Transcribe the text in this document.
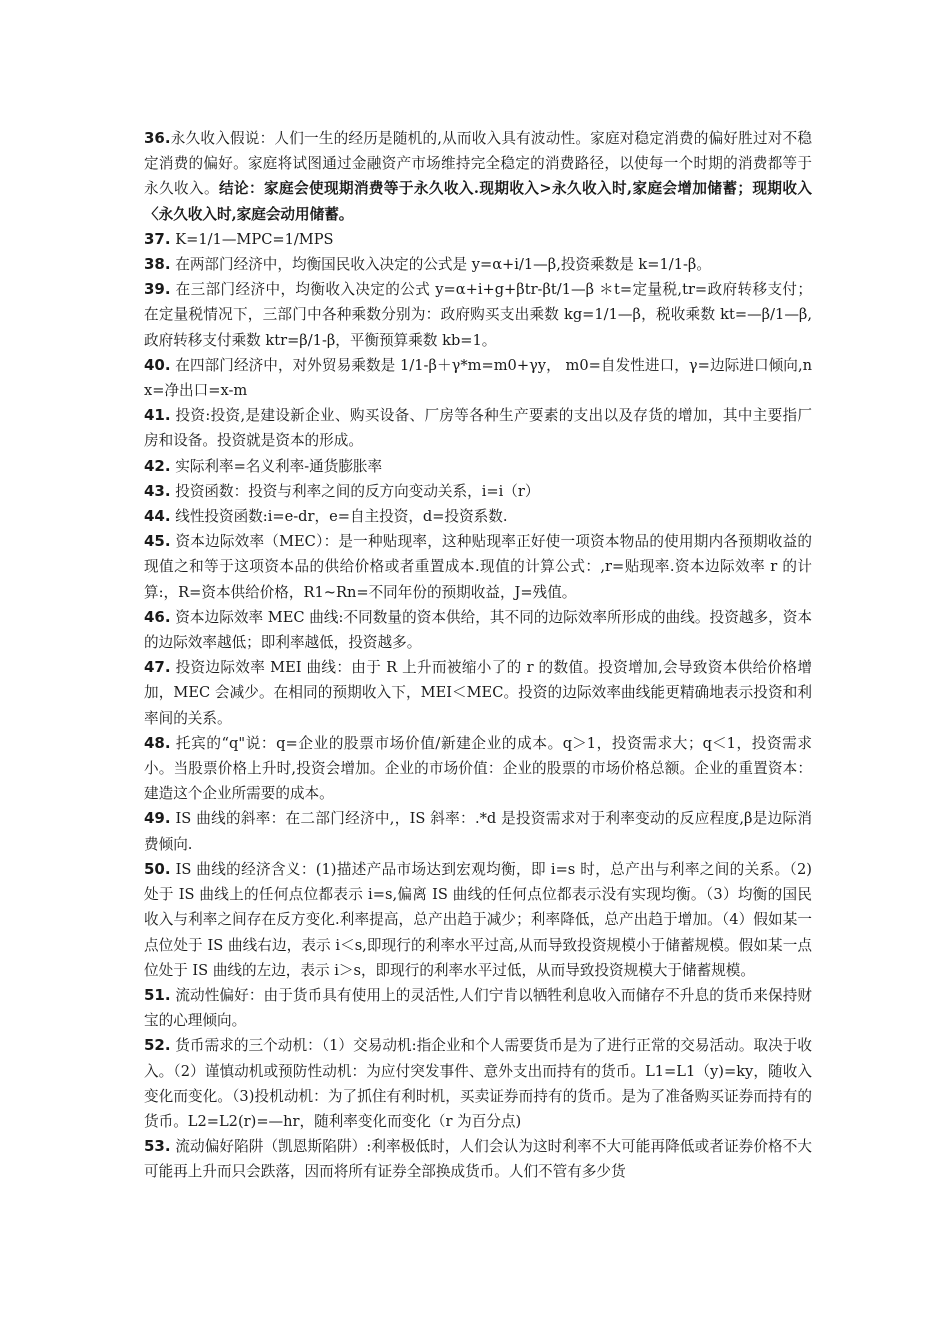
36.永久收入假说：人们一生的经历是随机的,从而收入具有波动性。家庭对稳定消费的偏好胜过对不稳定消费的偏好。家庭将试图通过金融资产市场维持完全稳定的消费路径，以使每一个时期的消费都等于永久收入。结论：家庭会使现期消费等于永久收入.现期收入>永久收入时,家庭会增加储蓄；现期收入〈永久收入时,家庭会动用储蓄。

37. K=1/1—MPC=1/MPS

38. 在两部门经济中，均衡国民收入决定的公式是 y=α+i/1—β,投资乘数是 k=1/1-β。

39. 在三部门经济中，均衡收入决定的公式 y=α+i+g+βtr-βt/1—β ＊t=定量税,tr=政府转移支付；在定量税情况下，三部门中各种乘数分别为：政府购买支出乘数 kg=1/1—β，税收乘数 kt=—β/1—β,政府转移支付乘数 ktr=β/1-β，平衡预算乘数 kb=1。

40. 在四部门经济中，对外贸易乘数是 1/1-β＋γ*m=m0+γy， m0=自发性进口，γ=边际进口倾向,nx=净出口=x-m

41. 投资:投资,是建设新企业、购买设备、厂房等各种生产要素的支出以及存货的增加，其中主要指厂房和设备。投资就是资本的形成。

42. 实际利率=名义利率-通货膨胀率

43. 投资函数：投资与利率之间的反方向变动关系，i=i（r）

44. 线性投资函数:i=e-dr，e=自主投资，d=投资系数.

45. 资本边际效率（MEC）：是一种贴现率，这种贴现率正好使一项资本物品的使用期内各预期收益的现值之和等于这项资本品的供给价格或者重置成本.现值的计算公式：,r=贴现率.资本边际效率 r 的计算:，R=资本供给价格，R1~Rn=不同年份的预期收益，J=残值。

46. 资本边际效率 MEC 曲线:不同数量的资本供给，其不同的边际效率所形成的曲线。投资越多，资本的边际效率越低；即利率越低，投资越多。

47. 投资边际效率 MEI 曲线：由于 R 上升而被缩小了的 r 的数值。投资增加,会导致资本供给价格增加，MEC 会减少。在相同的预期收入下，MEI＜MEC。投资的边际效率曲线能更精确地表示投资和利率间的关系。

48. 托宾的“q"说：q=企业的股票市场价值/新建企业的成本。q＞1，投资需求大；q＜1，投资需求小。当股票价格上升时,投资会增加。企业的市场价值：企业的股票的市场价格总额。企业的重置资本：建造这个企业所需要的成本。

49. IS 曲线的斜率：在二部门经济中,，IS 斜率：.*d 是投资需求对于利率变动的反应程度,β是边际消费倾向.

50. IS 曲线的经济含义：(1)描述产品市场达到宏观均衡，即 i=s 时，总产出与利率之间的关系。（2)处于 IS 曲线上的任何点位都表示 i=s,偏离 IS 曲线的任何点位都表示没有实现均衡。（3）均衡的国民收入与利率之间存在反方变化.利率提高，总产出趋于减少；利率降低，总产出趋于增加。（4）假如某一点位处于 IS 曲线右边，表示 i＜s,即现行的利率水平过高,从而导致投资规模小于储蓄规模。假如某一点位处于 IS 曲线的左边，表示 i＞s，即现行的利率水平过低，从而导致投资规模大于储蓄规模。

51. 流动性偏好：由于货币具有使用上的灵活性,人们宁肯以牺牲利息收入而储存不升息的货币来保持财宝的心理倾向。

52. 货币需求的三个动机：（1）交易动机:指企业和个人需要货币是为了进行正常的交易活动。取决于收入。（2）谨慎动机或预防性动机：为应付突发事件、意外支出而持有的货币。L1=L1（y)=ky，随收入变化而变化。（3)投机动机：为了抓住有利时机，买卖证券而持有的货币。是为了准备购买证券而持有的货币。L2=L2(r)=—hr，随利率变化而变化（r 为百分点)

53. 流动偏好陷阱（凯恩斯陷阱）:利率极低时，人们会认为这时利率不大可能再降低或者证券价格不大可能再上升而只会跌落，因而将所有证券全部换成货币。人们不管有多少货
